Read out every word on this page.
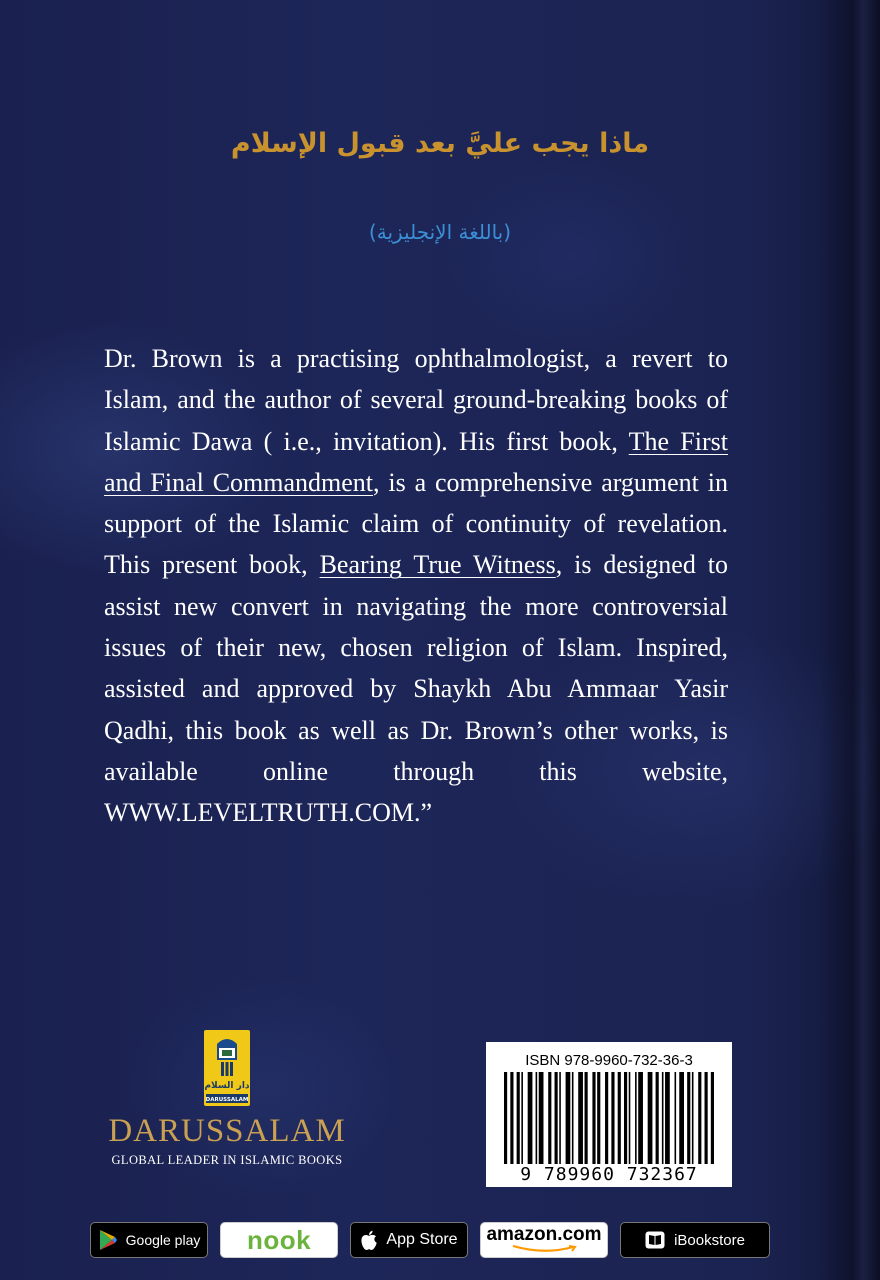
ماذا يجب عليَّ بعد قبول الإسلام
(باللغة الإنجليزية)
Dr. Brown is a practising ophthalmologist, a revert to Islam, and the author of several ground-breaking books of Islamic Dawa ( i.e., invitation). His first book, The First and Final Commandment, is a comprehensive argument in support of the Islamic claim of continuity of revelation. This present book, Bearing True Witness, is designed to assist new convert in navigating the more controversial issues of their new, chosen religion of Islam. Inspired, assisted and approved by Shaykh Abu Ammaar Yasir Qadhi, this book as well as Dr. Brown’s other works, is available online through this website, WWW.LEVELTRUTH.COM.”
دار السلام
DARUSSALAM
DARUSSALAM
GLOBAL LEADER IN ISLAMIC BOOKS
ISBN 978-9960-732-36-3
9 789960 732367
Google play nook	App Store amazon.com	iBookstore
